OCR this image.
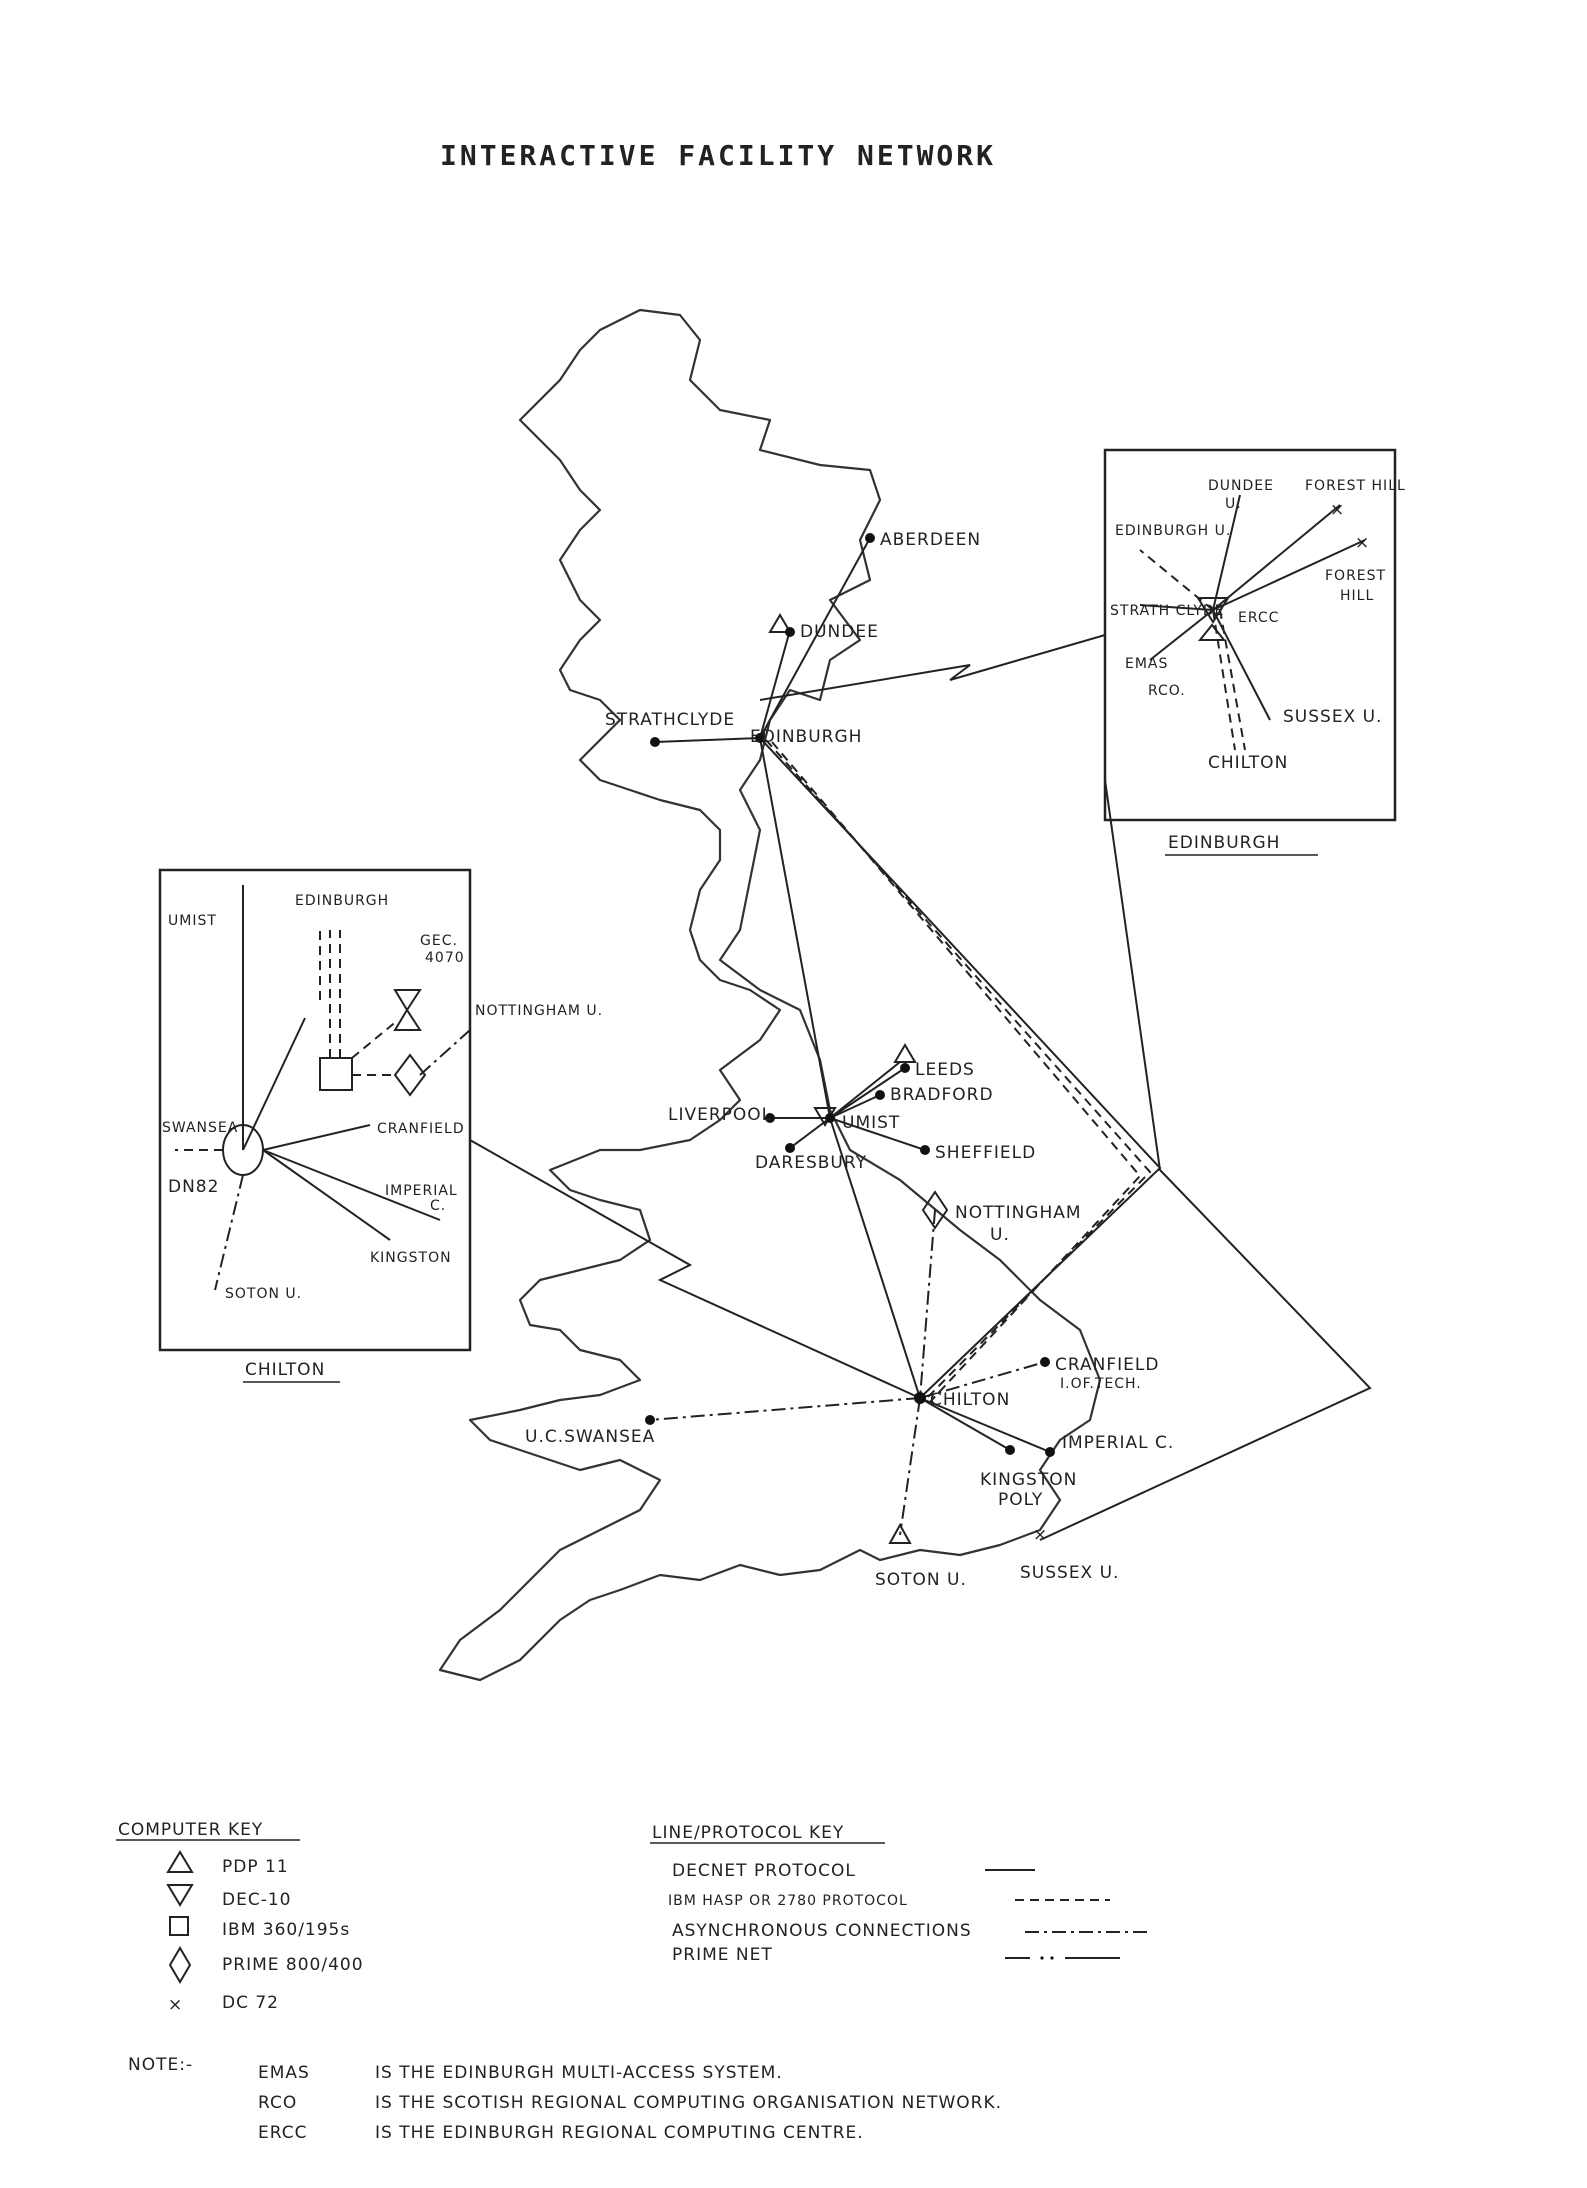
INTERACTIVE FACILITY NETWORK
×
ABERDEEN
DUNDEE
STRATHCLYDE
EDINBURGH
LEEDS
BRADFORD
LIVERPOOL	UMIST
DARESBURY	SHEFFIELD
NOTTINGHAM
U.
CRANFIELD
I.OF.TECH.
CHILTON
U.C.SWANSEA	IMPERIAL C.
KINGSTON
POLY
SOTON U.	SUSSEX U.
×
×
DUNDEE
U.
FOREST HILL
FOREST
HILL
EDINBURGH U.
STRATH CLYDE ERCC
EMAS
RCO.
SUSSEX U.
CHILTON
EDINBURGH
UMIST
EDINBURGH
GEC.
4070
NOTTINGHAM U.
SWANSEA	CRANFIELD
DN82	IMPERIAL
C.
KINGSTON
SOTON U.
CHILTON
COMPUTER KEY
PDP 11
DEC-10
IBM 360/195s
PRIME 800/400
× DC 72
LINE/PROTOCOL KEY
DECNET PROTOCOL
IBM HASP OR 2780 PROTOCOL
ASYNCHRONOUS CONNECTIONS
PRIME NET
NOTE:-	EMAS	IS THE EDINBURGH MULTI-ACCESS SYSTEM.
RCO	IS THE SCOTISH REGIONAL COMPUTING ORGANISATION NETWORK.
ERCC	IS THE EDINBURGH REGIONAL COMPUTING CENTRE.
